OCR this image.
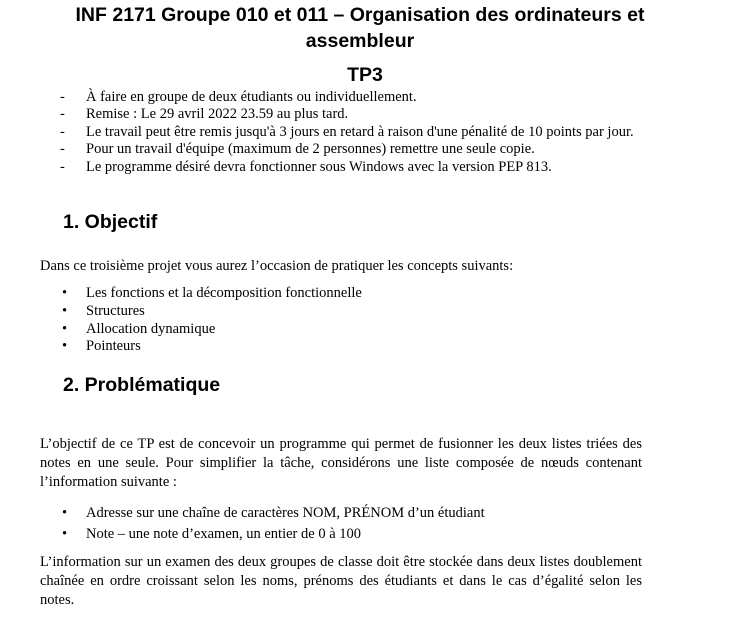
INF 2171 Groupe 010 et 011 – Organisation des ordinateurs et assembleur
TP3
- À faire en groupe de deux étudiants ou individuellement.
- Remise : Le 29 avril 2022 23.59 au plus tard.
- Le travail peut être remis jusqu'à 3 jours en retard à raison d'une pénalité de 10 points par jour.
- Pour un travail d'équipe (maximum de 2 personnes) remettre une seule copie.
- Le programme désiré devra fonctionner sous Windows avec la version PEP 813.
1. Objectif

Dans ce troisième projet vous aurez l’occasion de pratiquer les concepts suivants:

• Les fonctions et la décomposition fonctionnelle
• Structures
• Allocation dynamique
• Pointeurs
2. Problématique

L’objectif de ce TP est de concevoir un programme qui permet de fusionner les deux listes triées des notes en une seule. Pour simplifier la tâche, considérons une liste composée de nœuds contenant l’information suivante :

• Adresse sur une chaîne de caractères NOM, PRÉNOM d’un étudiant
• Note – une note d’examen, un entier de 0 à 100

L’information sur un examen des deux groupes de classe doit être stockée dans deux listes doublement chaînée en ordre croissant selon les noms, prénoms des étudiants et dans le cas d’égalité selon les notes.
